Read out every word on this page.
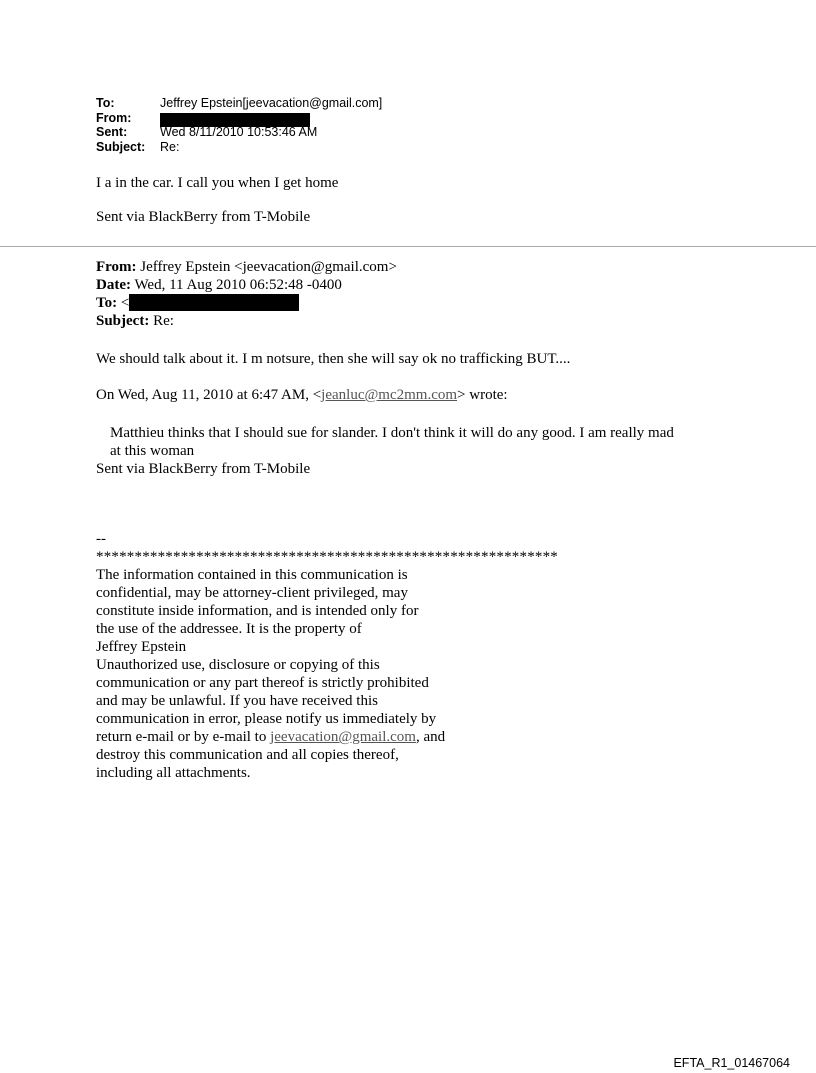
To:	Jeffrey Epstein[jeevacation@gmail.com]
From:
Sent:	Wed 8/11/2010 10:53:46 AM
Subject:	Re:
I a in the car. I call you when I get home
Sent via BlackBerry from T-Mobile
From: Jeffrey Epstein <jeevacation@gmail.com>
Date: Wed, 11 Aug 2010 06:52:48 -0400
To: <
Subject: Re:
We should talk about it. I m notsure, then she will say ok no trafficking BUT....
On Wed, Aug 11, 2010 at 6:47 AM, <jeanluc@mc2mm.com> wrote:
Matthieu thinks that I should sue for slander. I don't think it will do any good. I am really mad
at this woman
Sent via BlackBerry from T-Mobile
--
************************************************************
The information contained in this communication is
confidential, may be attorney-client privileged, may
constitute inside information, and is intended only for
the use of the addressee. It is the property of
Jeffrey Epstein
Unauthorized use, disclosure or copying of this
communication or any part thereof is strictly prohibited
and may be unlawful. If you have received this
communication in error, please notify us immediately by
return e-mail or by e-mail to jeevacation@gmail.com, and
destroy this communication and all copies thereof,
including all attachments.
EFTA_R1_01467064
